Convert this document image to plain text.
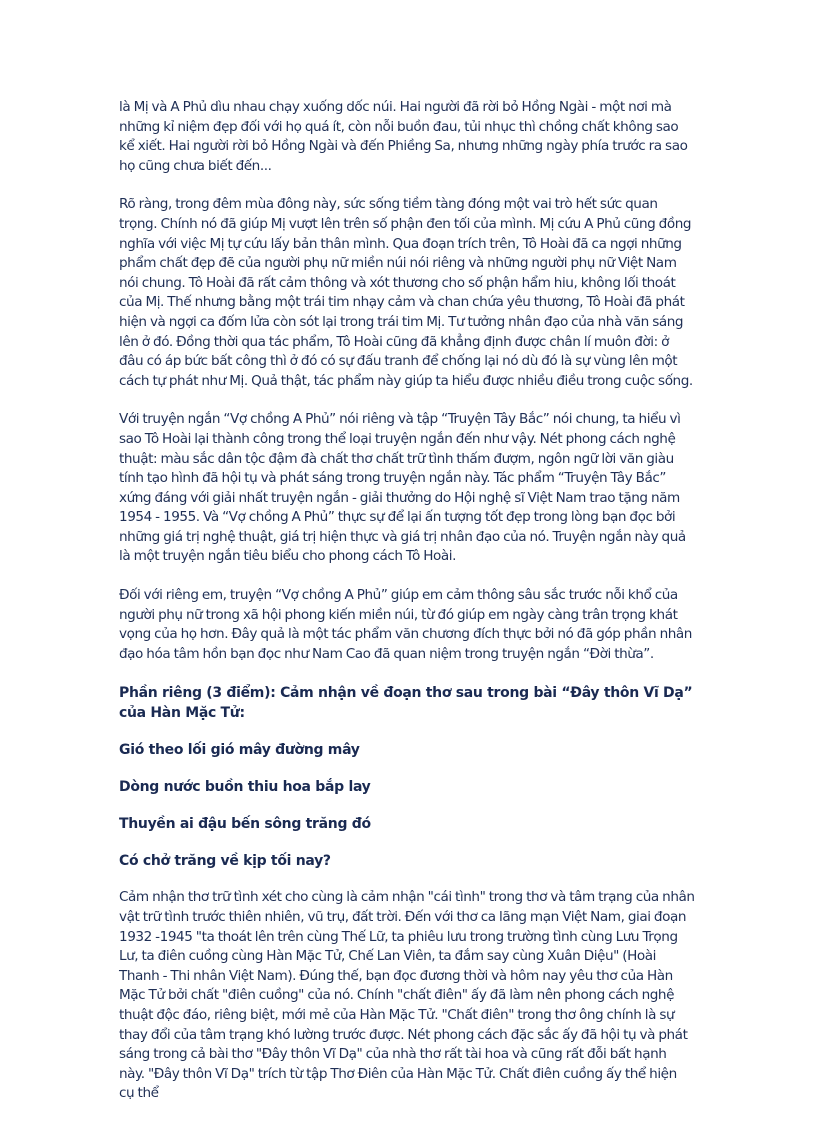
là Mị và A Phủ dìu nhau chạy xuống dốc núi. Hai người đã rời bỏ Hồng Ngài - một nơi mà những kỉ niệm đẹp đối với họ quá ít, còn nỗi buồn đau, tủi nhục thì chồng chất không sao kể xiết. Hai người rời bỏ Hồng Ngài và đến Phiềng Sa, nhưng những ngày phía trước ra sao họ cũng chưa biết đến...

Rõ ràng, trong đêm mùa đông này, sức sống tiềm tàng đóng một vai trò hết sức quan trọng. Chính nó đã giúp Mị vượt lên trên số phận đen tối của mình. Mị cứu A Phủ cũng đồng nghĩa với việc Mị tự cứu lấy bản thân mình. Qua đoạn trích trên, Tô Hoài đã ca ngợi những phẩm chất đẹp đẽ của người phụ nữ miền núi nói riêng và những người phụ nữ Việt Nam nói chung. Tô Hoài đã rất cảm thông và xót thương cho số phận hẩm hiu, không lối thoát của Mị. Thế nhưng bằng một trái tim nhạy cảm và chan chứa yêu thương, Tô Hoài đã phát hiện và ngợi ca đốm lửa còn sót lại trong trái tim Mị. Tư tưởng nhân đạo của nhà văn sáng lên ở đó. Đồng thời qua tác phẩm, Tô Hoài cũng đã khẳng định được chân lí muôn đời: ở đâu có áp bức bất công thì ở đó có sự đấu tranh để chống lại nó dù đó là sự vùng lên một cách tự phát như Mị. Quả thật, tác phẩm này giúp ta hiểu được nhiều điều trong cuộc sống.

Với truyện ngắn “Vợ chồng A Phủ” nói riêng và tập “Truyện Tây Bắc” nói chung, ta hiểu vì sao Tô Hoài lại thành công trong thể loại truyện ngắn đến như vậy. Nét phong cách nghệ thuật: màu sắc dân tộc đậm đà chất thơ chất trữ tình thấm đượm, ngôn ngữ lời văn giàu tính tạo hình đã hội tụ và phát sáng trong truyện ngắn này. Tác phẩm “Truyện Tây Bắc” xứng đáng với giải nhất truyện ngắn - giải thưởng do Hội nghệ sĩ Việt Nam trao tặng năm 1954 - 1955. Và “Vợ chồng A Phủ” thực sự để lại ấn tượng tốt đẹp trong lòng bạn đọc bởi những giá trị nghệ thuật, giá trị hiện thực và giá trị nhân đạo của nó. Truyện ngắn này quả là một truyện ngắn tiêu biểu cho phong cách Tô Hoài.

Đối với riêng em, truyện “Vợ chồng A Phủ” giúp em cảm thông sâu sắc trước nỗi khổ của người phụ nữ trong xã hội phong kiến miền núi, từ đó giúp em ngày càng trân trọng khát vọng của họ hơn. Đây quả là một tác phẩm văn chương đích thực bởi nó đã góp phần nhân đạo hóa tâm hồn bạn đọc như Nam Cao đã quan niệm trong truyện ngắn “Đời thừa”.

Phần riêng (3 điểm): Cảm nhận về đoạn thơ sau trong bài “Đây thôn Vĩ Dạ” của Hàn Mặc Tử:

Gió theo lối gió mây đường mây

Dòng nước buồn thiu hoa bắp lay

Thuyền ai đậu bến sông trăng đó

Có chở trăng về kịp tối nay?

Cảm nhận thơ trữ tình xét cho cùng là cảm nhận "cái tình" trong thơ và tâm trạng của nhân vật trữ tình trước thiên nhiên, vũ trụ, đất trời. Đến với thơ ca lãng mạn Việt Nam, giai đoạn 1932 -1945 "ta thoát lên trên cùng Thế Lữ, ta phiêu lưu trong trường tình cùng Lưu Trọng Lư, ta điên cuồng cùng Hàn Mặc Tử, Chế Lan Viên, ta đắm say cùng Xuân Diệu" (Hoài Thanh - Thi nhân Việt Nam). Đúng thế, bạn đọc đương thời và hôm nay yêu thơ của Hàn Mặc Tử bởi chất "điên cuồng" của nó. Chính "chất điên" ấy đã làm nên phong cách nghệ thuật độc đáo, riêng biệt, mới mẻ của Hàn Mặc Tử. "Chất điên" trong thơ ông chính là sự thay đổi của tâm trạng khó lường trước được. Nét phong cách đặc sắc ấy đã hội tụ và phát sáng trong cả bài thơ "Đây thôn Vĩ Dạ" của nhà thơ rất tài hoa và cũng rất đỗi bất hạnh này. "Đây thôn Vĩ Dạ" trích từ tập Thơ Điên của Hàn Mặc Tử. Chất điên cuồng ấy thể hiện cụ thể
